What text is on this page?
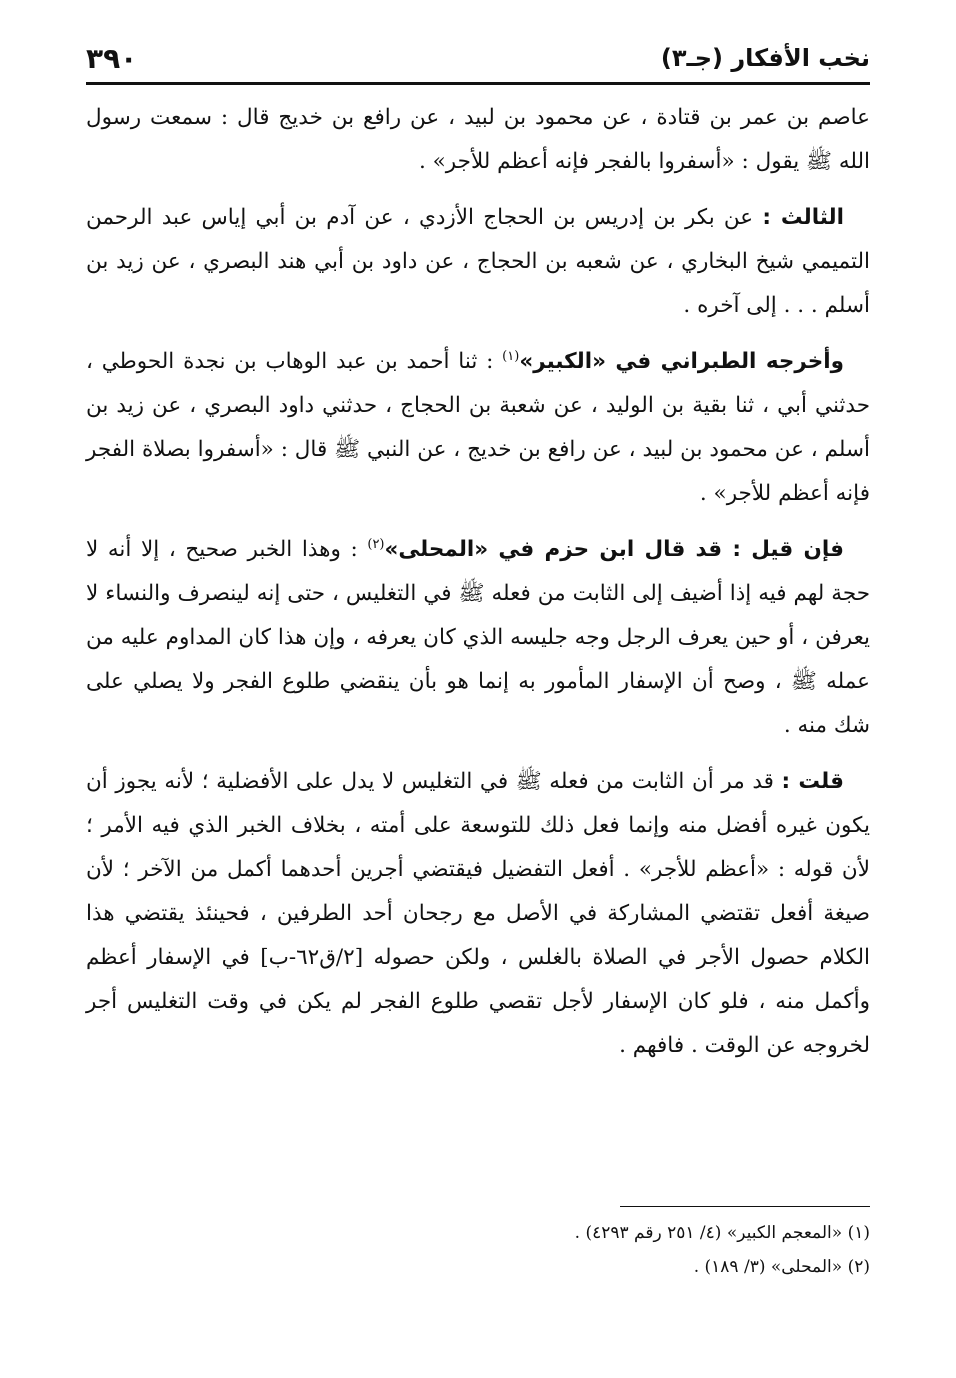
نخب الأفكار (جـ٣)
٣٩٠

عاصم بن عمر بن قتادة ، عن محمود بن لبيد ، عن رافع بن خديج قال : سمعت رسول الله ﷺ يقول : «أسفروا بالفجر فإنه أعظم للأجر» .

الثالث : عن بكر بن إدريس بن الحجاج الأزدي ، عن آدم بن أبي إياس عبد الرحمن التميمي شيخ البخاري ، عن شعبه بن الحجاج ، عن داود بن أبي هند البصري ، عن زيد بن أسلم . . . إلى آخره .

وأخرجه الطبراني في «الكبير»$^{(١)}$ : ثنا أحمد بن عبد الوهاب بن نجدة الحوطي ، حدثني أبي ، ثنا بقية بن الوليد ، عن شعبة بن الحجاج ، حدثني داود البصري ، عن زيد بن أسلم ، عن محمود بن لبيد ، عن رافع بن خديج ، عن النبي ﷺ قال : «أسفروا بصلاة الفجر فإنه أعظم للأجر» .

فإن قيل : قد قال ابن حزم في «المحلى»$^{(٢)}$ : وهذا الخبر صحيح ، إلا أنه لا حجة لهم فيه إذا أضيف إلى الثابت من فعله ﷺ في التغليس ، حتى إنه لينصرف والنساء لا يعرفن ، أو حين يعرف الرجل وجه جليسه الذي كان يعرفه ، وإن هذا كان المداوم عليه من عمله ﷺ ، وصح أن الإسفار المأمور به إنما هو بأن ينقضي طلوع الفجر ولا يصلي على شك منه .

قلت : قد مر أن الثابت من فعله ﷺ في التغليس لا يدل على الأفضلية ؛ لأنه يجوز أن يكون غيره أفضل منه وإنما فعل ذلك للتوسعة على أمته ، بخلاف الخبر الذي فيه الأمر ؛ لأن قوله : «أعظم للأجر» . أفعل التفضيل فيقتضي أجرين أحدهما أكمل من الآخر ؛ لأن صيغة أفعل تقتضي المشاركة في الأصل مع رجحان أحد الطرفين ، فحينئذ يقتضي هذا الكلام حصول الأجر في الصلاة بالغلس ، ولكن حصوله [٢/ق٦٢-ب] في الإسفار أعظم وأكمل منه ، فلو كان الإسفار لأجل تقصي طلوع الفجر لم يكن في وقت التغليس أجر لخروجه عن الوقت . فافهم .

(١) «المعجم الكبير» (٤/ ٢٥١ رقم ٤٢٩٣) .
(٢) «المحلى» (٣/ ١٨٩) .
